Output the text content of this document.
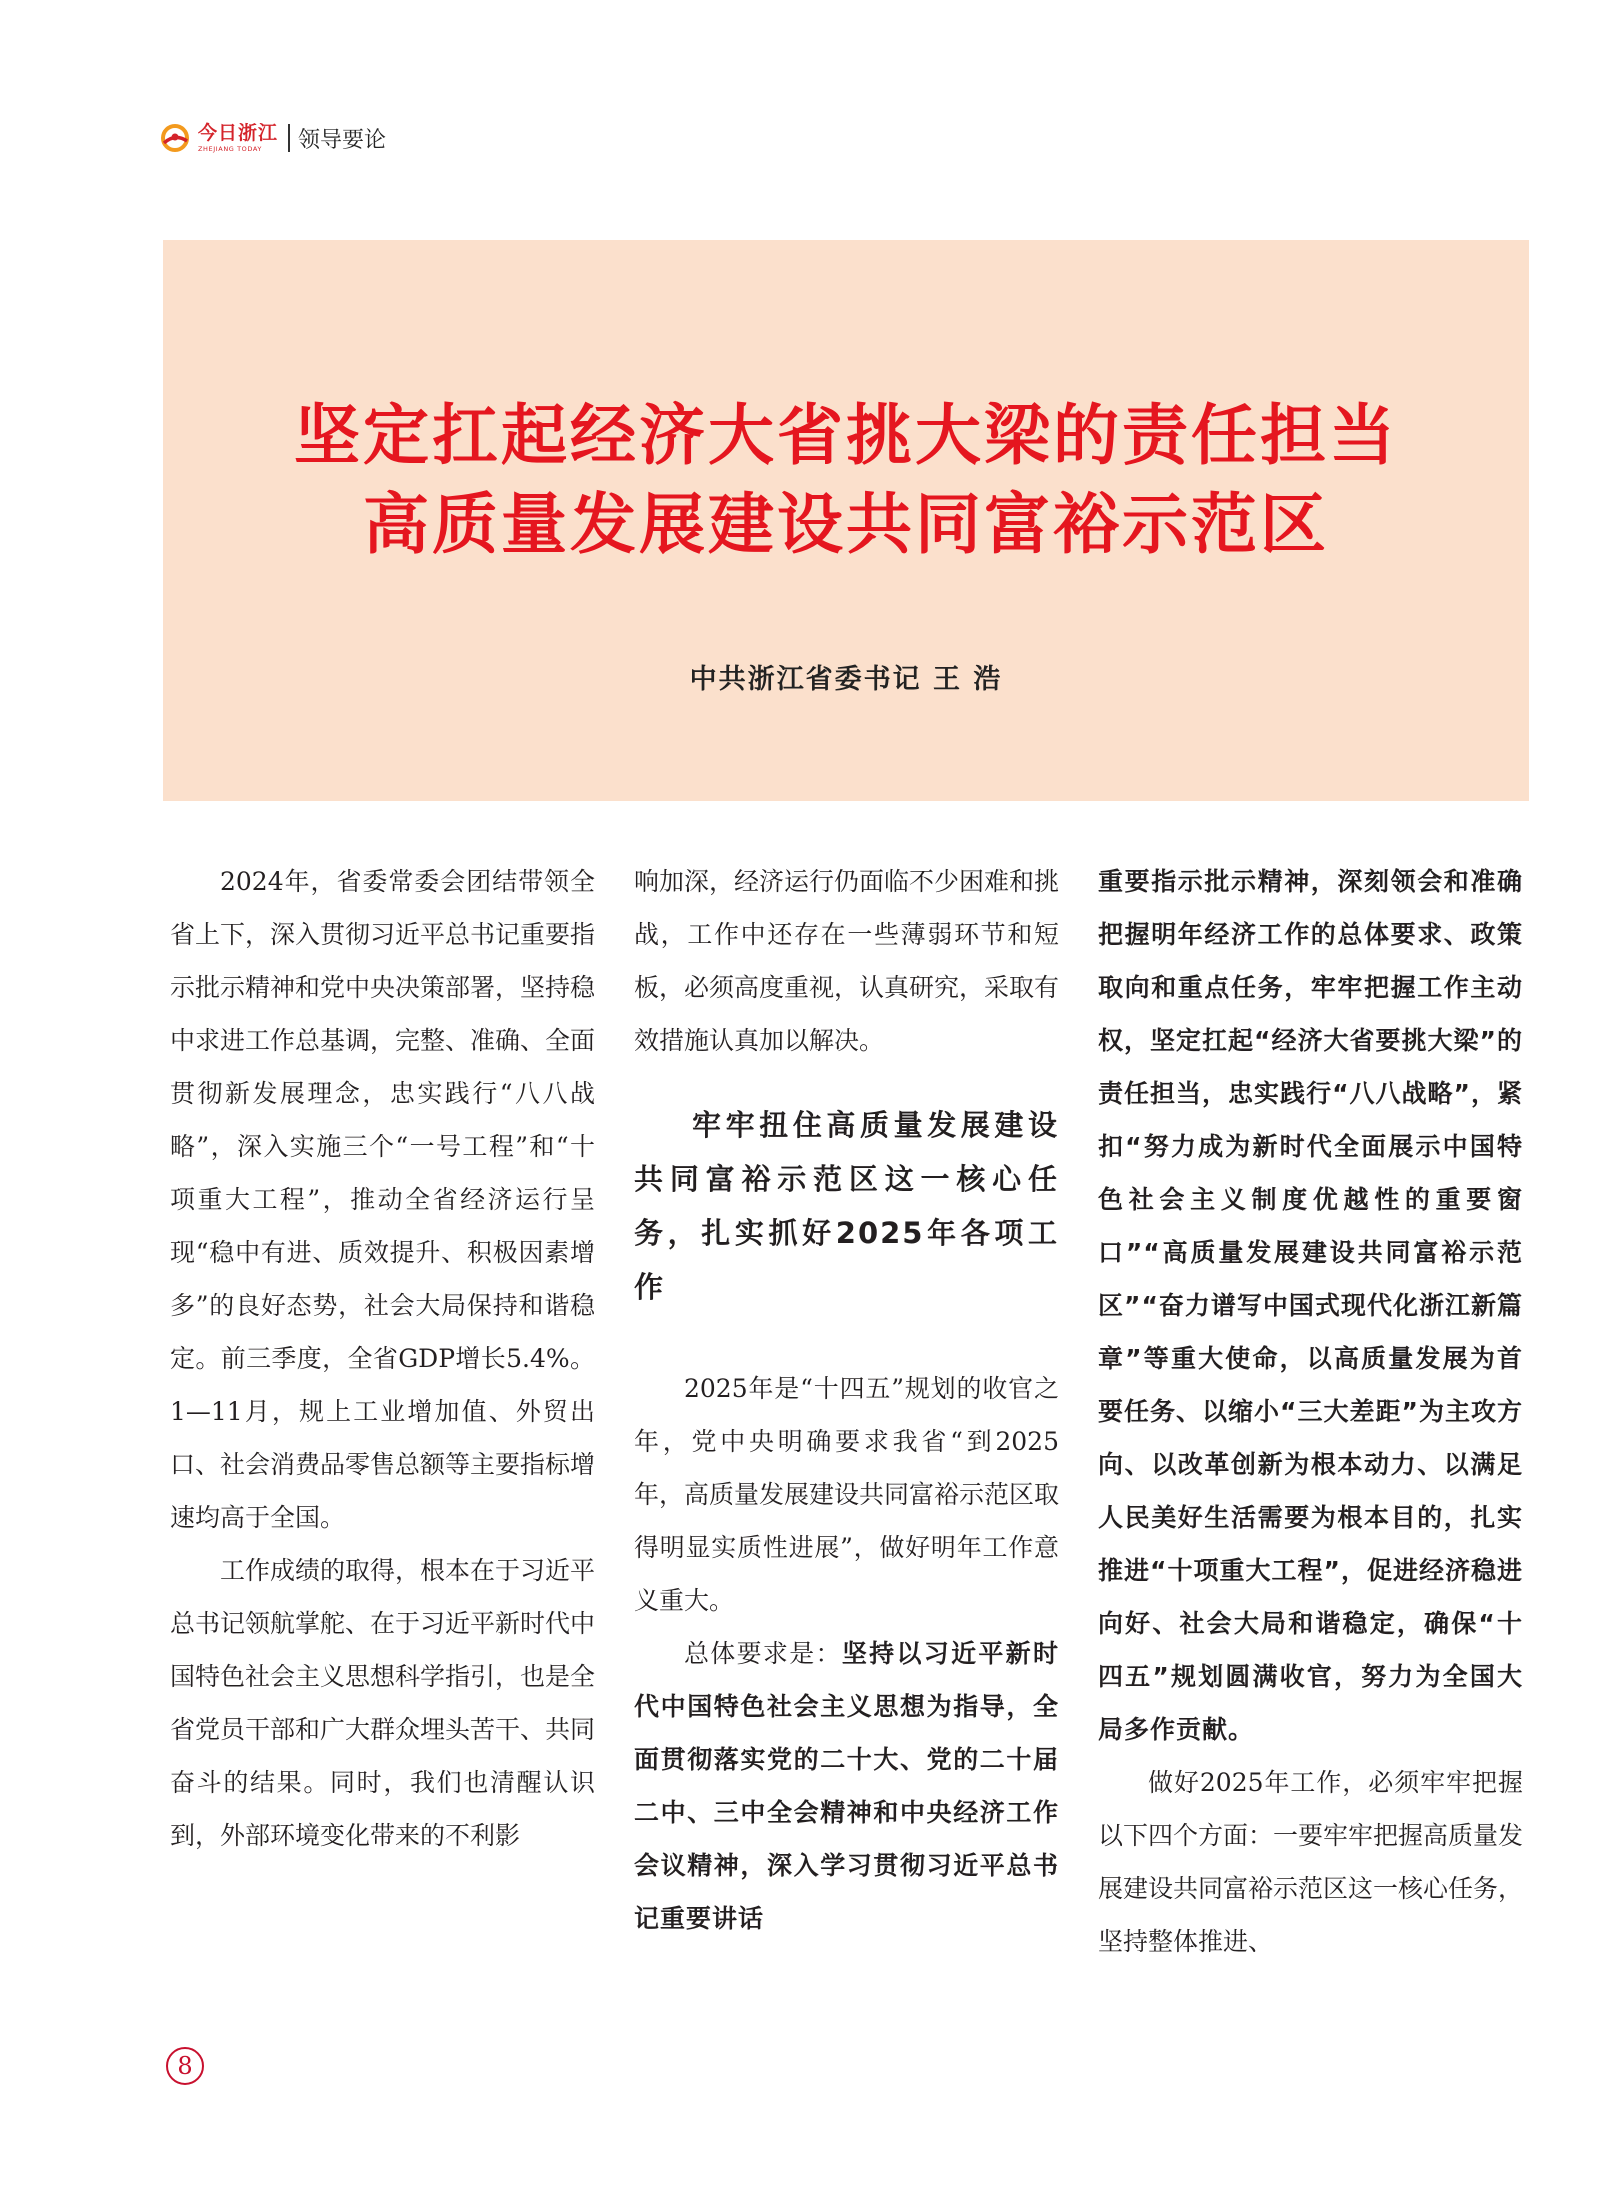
今日浙江
ZHEJIANG TODAY	领导要论
坚定扛起经济大省挑大梁的责任担当
高质量发展建设共同富裕示范区
中共浙江省委书记 王 浩

2024年，省委常委会团结带领全省上下，深入贯彻习近平总书记重要指示批示精神和党中央决策部署，坚持稳中求进工作总基调，完整、准确、全面贯彻新发展理念，忠实践行“八八战略”，深入实施三个“一号工程”和“十项重大工程”，推动全省经济运行呈现“稳中有进、质效提升、积极因素增多”的良好态势，社会大局保持和谐稳定。前三季度，全省GDP增长5.4%。1—11月，规上工业增加值、外贸出口、社会消费品零售总额等主要指标增速均高于全国。

工作成绩的取得，根本在于习近平总书记领航掌舵、在于习近平新时代中国特色社会主义思想科学指引，也是全省党员干部和广大群众埋头苦干、共同奋斗的结果。同时，我们也清醒认识到，外部环境变化带来的不利影

响加深，经济运行仍面临不少困难和挑战，工作中还存在一些薄弱环节和短板，必须高度重视，认真研究，采取有效措施认真加以解决。

牢牢扭住高质量发展建设共同富裕示范区这一核心任务，扎实抓好2025年各项工作

2025年是“十四五”规划的收官之年，党中央明确要求我省“到2025年，高质量发展建设共同富裕示范区取得明显实质性进展”，做好明年工作意义重大。

总体要求是：坚持以习近平新时代中国特色社会主义思想为指导，全面贯彻落实党的二十大、党的二十届二中、三中全会精神和中央经济工作会议精神，深入学习贯彻习近平总书记重要讲话

重要指示批示精神，深刻领会和准确把握明年经济工作的总体要求、政策取向和重点任务，牢牢把握工作主动权，坚定扛起“经济大省要挑大梁”的责任担当，忠实践行“八八战略”，紧扣“努力成为新时代全面展示中国特色社会主义制度优越性的重要窗口”“高质量发展建设共同富裕示范区”“奋力谱写中国式现代化浙江新篇章”等重大使命，以高质量发展为首要任务、以缩小“三大差距”为主攻方向、以改革创新为根本动力、以满足人民美好生活需要为根本目的，扎实推进“十项重大工程”，促进经济稳进向好、社会大局和谐稳定，确保“十四五”规划圆满收官，努力为全国大局多作贡献。

做好2025年工作，必须牢牢把握以下四个方面：一要牢牢把握高质量发展建设共同富裕示范区这一核心任务，坚持整体推进、

8
